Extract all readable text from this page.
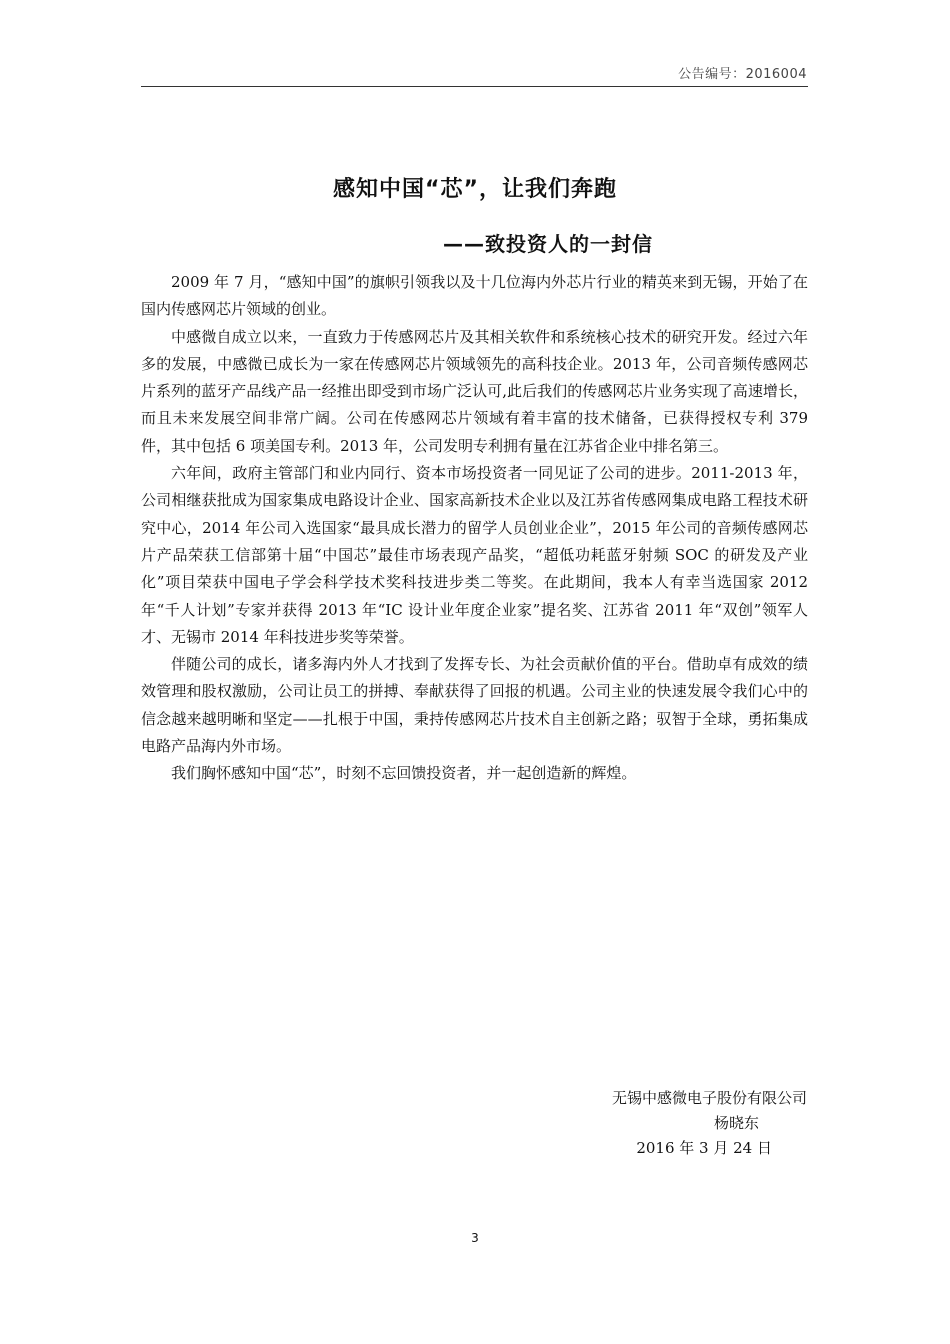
公告编号：2016004
感知中国“芯”，让我们奔跑
——致投资人的一封信

2009 年 7 月，“感知中国”的旗帜引领我以及十几位海内外芯片行业的精英来到无锡，开始了在国内传感网芯片领域的创业。

中感微自成立以来，一直致力于传感网芯片及其相关软件和系统核心技术的研究开发。经过六年多的发展，中感微已成长为一家在传感网芯片领域领先的高科技企业。2013 年，公司音频传感网芯片系列的蓝牙产品线产品一经推出即受到市场广泛认可,此后我们的传感网芯片业务实现了高速增长，而且未来发展空间非常广阔。公司在传感网芯片领域有着丰富的技术储备，已获得授权专利 379 件，其中包括 6 项美国专利。2013 年，公司发明专利拥有量在江苏省企业中排名第三。

六年间，政府主管部门和业内同行、资本市场投资者一同见证了公司的进步。2011-2013 年，公司相继获批成为国家集成电路设计企业、国家高新技术企业以及江苏省传感网集成电路工程技术研究中心，2014 年公司入选国家“最具成长潜力的留学人员创业企业”，2015 年公司的音频传感网芯片产品荣获工信部第十届“中国芯”最佳市场表现产品奖，“超低功耗蓝牙射频 SOC 的研发及产业化”项目荣获中国电子学会科学技术奖科技进步类二等奖。在此期间，我本人有幸当选国家 2012 年“千人计划”专家并获得 2013 年“IC 设计业年度企业家”提名奖、江苏省 2011 年“双创”领军人才、无锡市 2014 年科技进步奖等荣誉。

伴随公司的成长，诸多海内外人才找到了发挥专长、为社会贡献价值的平台。借助卓有成效的绩效管理和股权激励，公司让员工的拼搏、奉献获得了回报的机遇。公司主业的快速发展令我们心中的信念越来越明晰和坚定——扎根于中国，秉持传感网芯片技术自主创新之路；驭智于全球，勇拓集成电路产品海内外市场。

我们胸怀感知中国“芯”，时刻不忘回馈投资者，并一起创造新的辉煌。

无锡中感微电子股份有限公司
杨晓东
2016 年 3 月 24 日
3
